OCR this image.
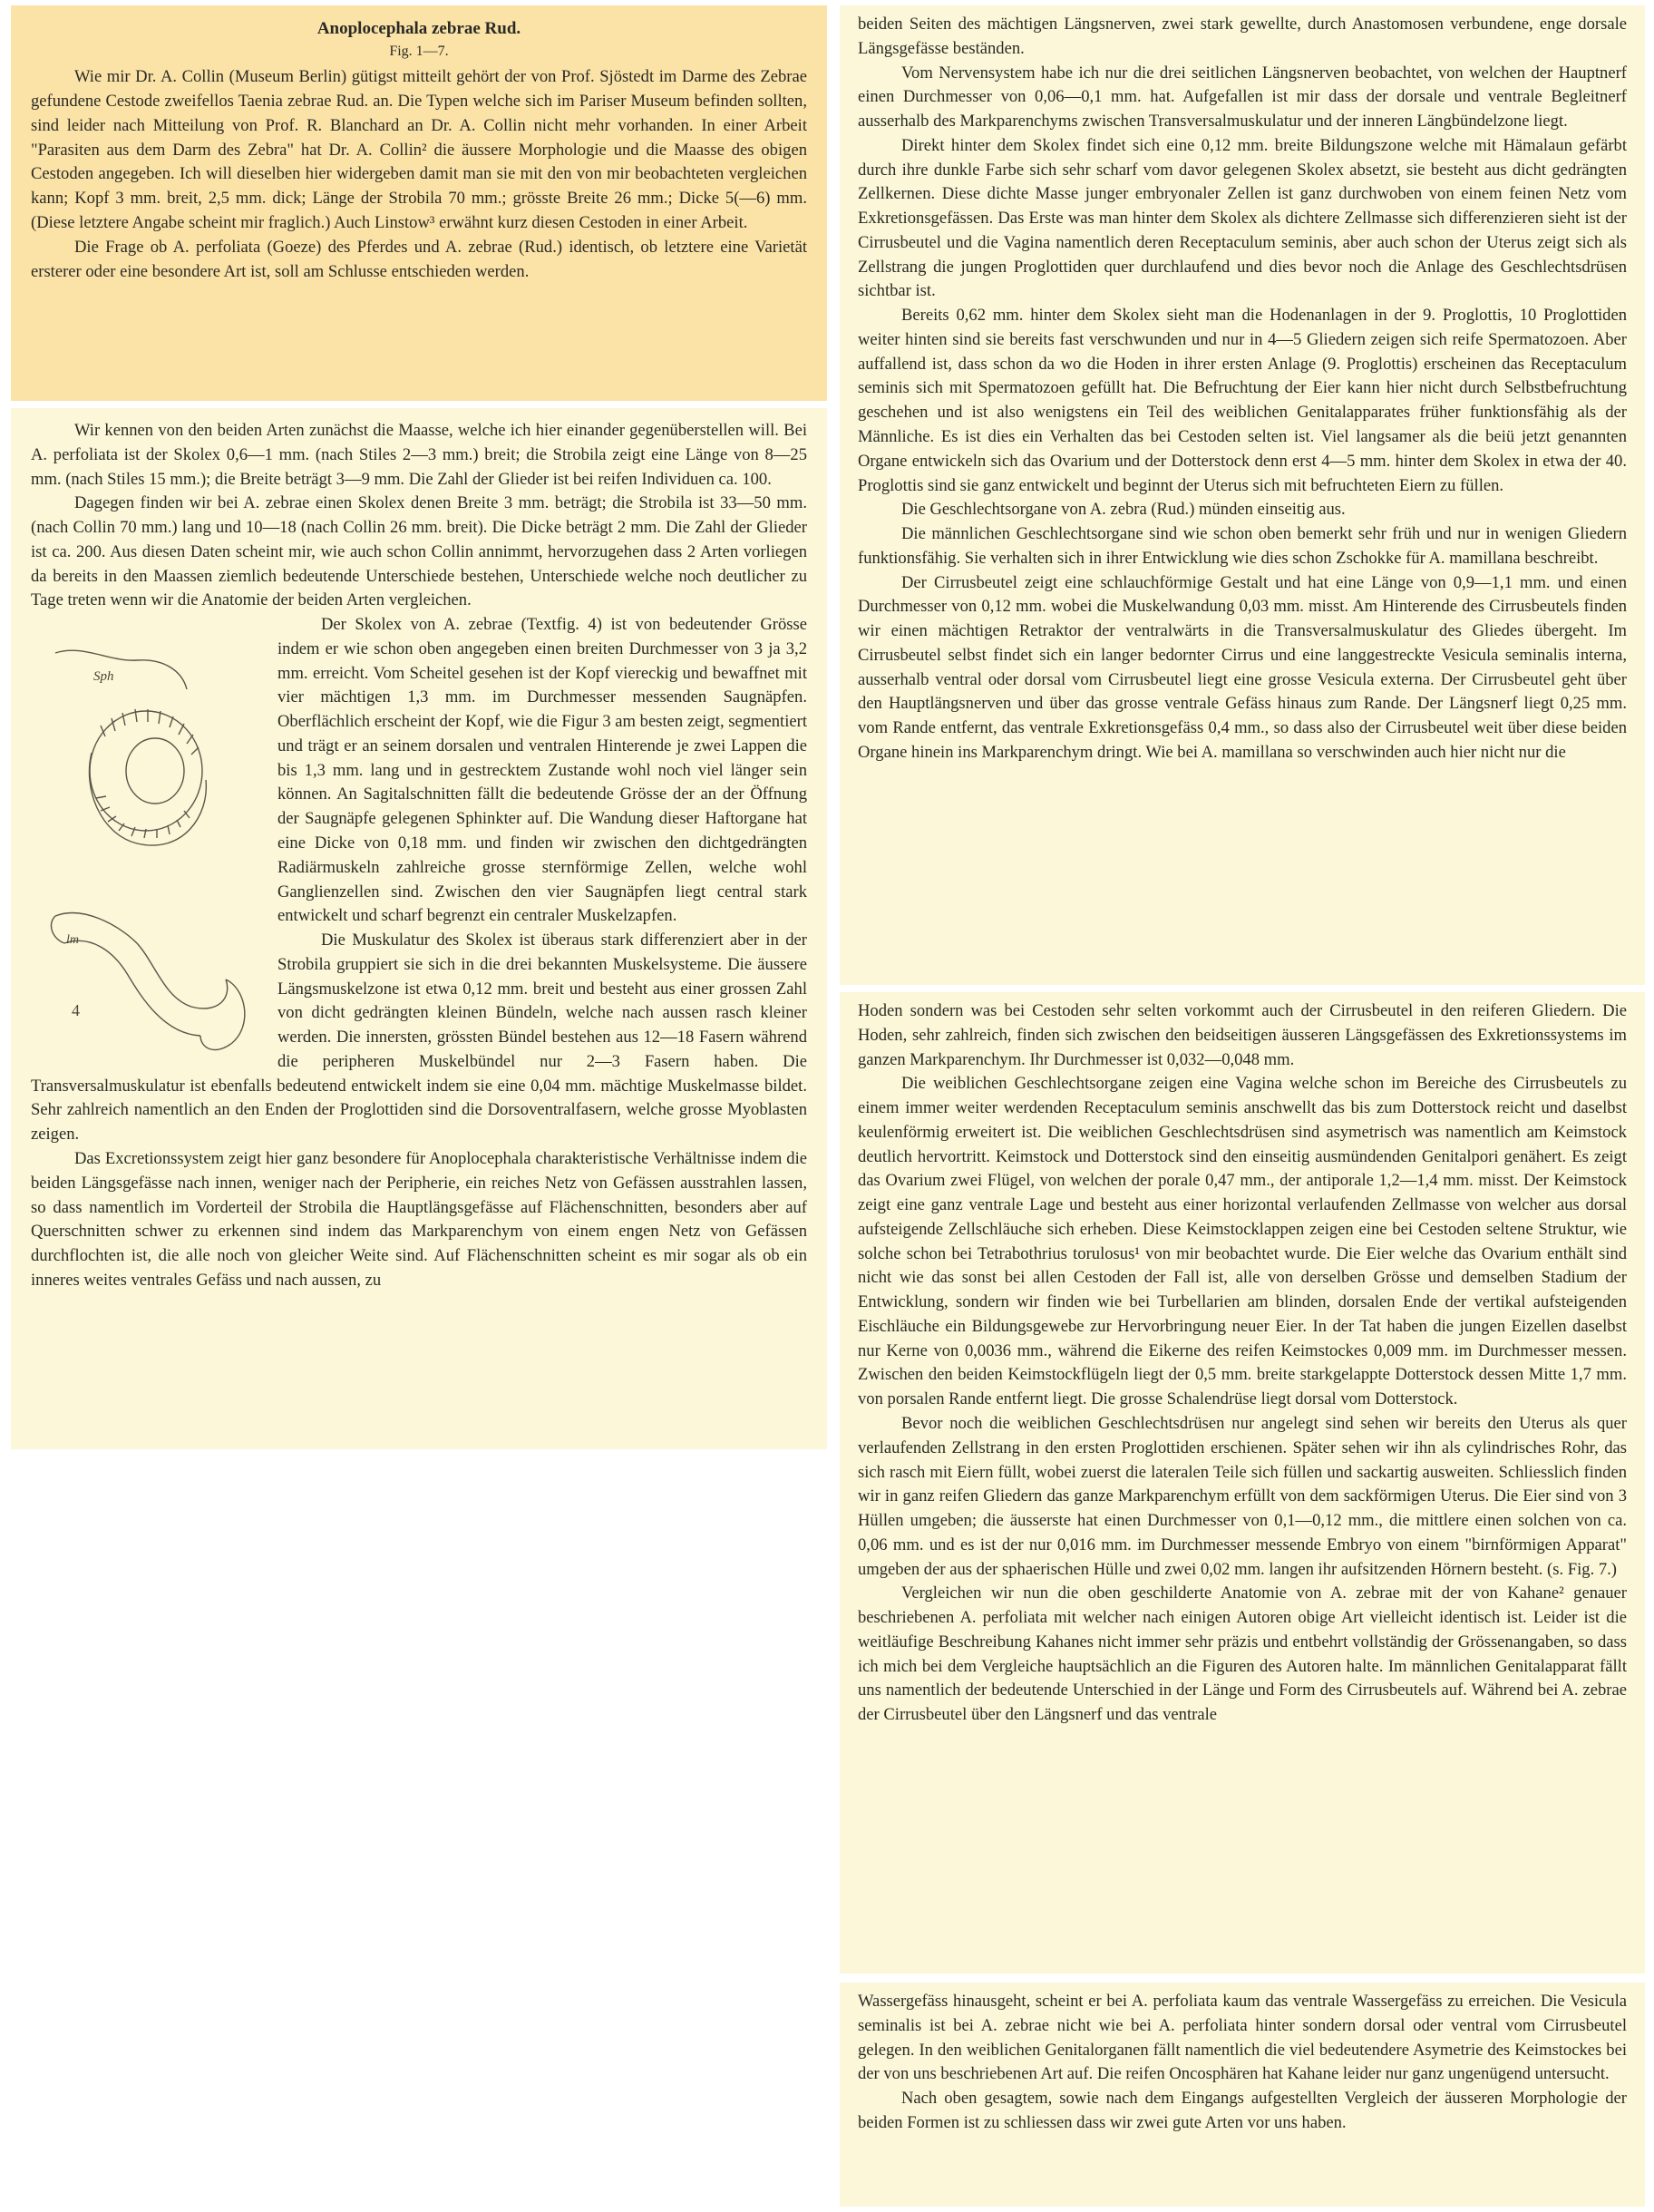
Anoplocephala zebrae Rud.

Fig. 1—7.

Wie mir Dr. A. Collin (Museum Berlin) gütigst mitteilt gehört der von Prof. Sjöstedt im Darme des Zebrae gefundene Cestode zweifellos Taenia zebrae Rud. an. Die Typen welche sich im Pariser Museum befinden sollten, sind leider nach Mitteilung von Prof. R. Blanchard an Dr. A. Collin nicht mehr vorhanden. In einer Arbeit "Parasiten aus dem Darm des Zebra" hat Dr. A. Collin² die äussere Morphologie und die Maasse des obigen Cestoden angegeben. Ich will dieselben hier widergeben damit man sie mit den von mir beobachteten vergleichen kann; Kopf 3 mm. breit, 2,5 mm. dick; Länge der Strobila 70 mm.; grösste Breite 26 mm.; Dicke 5(—6) mm. (Diese letztere Angabe scheint mir fraglich.) Auch Linstow³ erwähnt kurz diesen Cestoden in einer Arbeit.

Die Frage ob A. perfoliata (Goeze) des Pferdes und A. zebrae (Rud.) identisch, ob letztere eine Varietät ersterer oder eine besondere Art ist, soll am Schlusse entschieden werden.

Wir kennen von den beiden Arten zunächst die Maasse, welche ich hier einander gegenüberstellen will. Bei A. perfoliata ist der Skolex 0,6—1 mm. (nach Stiles 2—3 mm.) breit; die Strobila zeigt eine Länge von 8—25 mm. (nach Stiles 15 mm.); die Breite beträgt 3—9 mm. Die Zahl der Glieder ist bei reifen Individuen ca. 100.

Dagegen finden wir bei A. zebrae einen Skolex denen Breite 3 mm. beträgt; die Strobila ist 33—50 mm. (nach Collin 70 mm.) lang und 10—18 (nach Collin 26 mm. breit). Die Dicke beträgt 2 mm. Die Zahl der Glieder ist ca. 200. Aus diesen Daten scheint mir, wie auch schon Collin annimmt, hervorzugehen dass 2 Arten vorliegen da bereits in den Maassen ziemlich bedeutende Unterschiede bestehen, Unterschiede welche noch deutlicher zu Tage treten wenn wir die Anatomie der beiden Arten vergleichen.

Sph
lm
4

Der Skolex von A. zebrae (Textfig. 4) ist von bedeutender Grösse indem er wie schon oben angegeben einen breiten Durchmesser von 3 ja 3,2 mm. erreicht. Vom Scheitel gesehen ist der Kopf viereckig und bewaffnet mit vier mächtigen 1,3 mm. im Durchmesser messenden Saugnäpfen. Oberflächlich erscheint der Kopf, wie die Figur 3 am besten zeigt, segmentiert und trägt er an seinem dorsalen und ventralen Hinterende je zwei Lappen die bis 1,3 mm. lang und in gestrecktem Zustande wohl noch viel länger sein können. An Sagitalschnitten fällt die bedeutende Grösse der an der Öffnung der Saugnäpfe gelegenen Sphinkter auf. Die Wandung dieser Haftorgane hat eine Dicke von 0,18 mm. und finden wir zwischen den dichtgedrängten Radiärmuskeln zahlreiche grosse sternförmige Zellen, welche wohl Ganglienzellen sind. Zwischen den vier Saugnäpfen liegt central stark entwickelt und scharf begrenzt ein centraler Muskelzapfen.

Die Muskulatur des Skolex ist überaus stark differenziert aber in der Strobila gruppiert sie sich in die drei bekannten Muskelsysteme. Die äussere Längsmuskelzone ist etwa 0,12 mm. breit und besteht aus einer grossen Zahl von dicht gedrängten kleinen Bündeln, welche nach aussen rasch kleiner werden. Die innersten, grössten Bündel bestehen aus 12—18 Fasern während die peripheren Muskelbündel nur 2—3 Fasern haben. Die Transversalmuskulatur ist ebenfalls bedeutend entwickelt indem sie eine 0,04 mm. mächtige Muskelmasse bildet. Sehr zahlreich namentlich an den Enden der Proglottiden sind die Dorsoventralfasern, welche grosse Myoblasten zeigen.

Das Excretionssystem zeigt hier ganz besondere für Anoplocephala charakteristische Verhältnisse indem die beiden Längsgefässe nach innen, weniger nach der Peripherie, ein reiches Netz von Gefässen ausstrahlen lassen, so dass namentlich im Vorderteil der Strobila die Hauptlängsgefässe auf Flächenschnitten, besonders aber auf Querschnitten schwer zu erkennen sind indem das Markparenchym von einem engen Netz von Gefässen durchflochten ist, die alle noch von gleicher Weite sind. Auf Flächenschnitten scheint es mir sogar als ob ein inneres weites ventrales Gefäss und nach aussen, zu

beiden Seiten des mächtigen Längsnerven, zwei stark gewellte, durch Anastomosen verbundene, enge dorsale Längsgefässe beständen.

Vom Nervensystem habe ich nur die drei seitlichen Längsnerven beobachtet, von welchen der Hauptnerf einen Durchmesser von 0,06—0,1 mm. hat. Aufgefallen ist mir dass der dorsale und ventrale Begleitnerf ausserhalb des Markparenchyms zwischen Transversalmuskulatur und der inneren Längbündelzone liegt.

Direkt hinter dem Skolex findet sich eine 0,12 mm. breite Bildungszone welche mit Hämalaun gefärbt durch ihre dunkle Farbe sich sehr scharf vom davor gelegenen Skolex absetzt, sie besteht aus dicht gedrängten Zellkernen. Diese dichte Masse junger embryonaler Zellen ist ganz durchwoben von einem feinen Netz vom Exkretionsgefässen. Das Erste was man hinter dem Skolex als dichtere Zellmasse sich differenzieren sieht ist der Cirrusbeutel und die Vagina namentlich deren Receptaculum seminis, aber auch schon der Uterus zeigt sich als Zellstrang die jungen Proglottiden quer durchlaufend und dies bevor noch die Anlage des Geschlechtsdrüsen sichtbar ist.

Bereits 0,62 mm. hinter dem Skolex sieht man die Hodenanlagen in der 9. Proglottis, 10 Proglottiden weiter hinten sind sie bereits fast verschwunden und nur in 4—5 Gliedern zeigen sich reife Spermatozoen. Aber auffallend ist, dass schon da wo die Hoden in ihrer ersten Anlage (9. Proglottis) erscheinen das Receptaculum seminis sich mit Spermatozoen gefüllt hat. Die Befruchtung der Eier kann hier nicht durch Selbstbefruchtung geschehen und ist also wenigstens ein Teil des weiblichen Genitalapparates früher funktionsfähig als der Männliche. Es ist dies ein Verhalten das bei Cestoden selten ist. Viel langsamer als die beiü jetzt genannten Organe entwickeln sich das Ovarium und der Dotterstock denn erst 4—5 mm. hinter dem Skolex in etwa der 40. Proglottis sind sie ganz entwickelt und beginnt der Uterus sich mit befruchteten Eiern zu füllen.

Die Geschlechtsorgane von A. zebra (Rud.) münden einseitig aus.

Die männlichen Geschlechtsorgane sind wie schon oben bemerkt sehr früh und nur in wenigen Gliedern funktionsfähig. Sie verhalten sich in ihrer Entwicklung wie dies schon Zschokke für A. mamillana beschreibt.

Der Cirrusbeutel zeigt eine schlauchförmige Gestalt und hat eine Länge von 0,9—1,1 mm. und einen Durchmesser von 0,12 mm. wobei die Muskelwandung 0,03 mm. misst. Am Hinterende des Cirrusbeutels finden wir einen mächtigen Retraktor der ventralwärts in die Transversalmuskulatur des Gliedes übergeht. Im Cirrusbeutel selbst findet sich ein langer bedornter Cirrus und eine langgestreckte Vesicula seminalis interna, ausserhalb ventral oder dorsal vom Cirrusbeutel liegt eine grosse Vesicula externa. Der Cirrusbeutel geht über den Hauptlängsnerven und über das grosse ventrale Gefäss hinaus zum Rande. Der Längsnerf liegt 0,25 mm. vom Rande entfernt, das ventrale Exkretionsgefäss 0,4 mm., so dass also der Cirrusbeutel weit über diese beiden Organe hinein ins Markparenchym dringt. Wie bei A. mamillana so verschwinden auch hier nicht nur die

Hoden sondern was bei Cestoden sehr selten vorkommt auch der Cirrusbeutel in den reiferen Gliedern. Die Hoden, sehr zahlreich, finden sich zwischen den beidseitigen äusseren Längsgefässen des Exkretionssystems im ganzen Markparenchym. Ihr Durchmesser ist 0,032—0,048 mm.

Die weiblichen Geschlechtsorgane zeigen eine Vagina welche schon im Bereiche des Cirrusbeutels zu einem immer weiter werdenden Receptaculum seminis anschwellt das bis zum Dotterstock reicht und daselbst keulenförmig erweitert ist. Die weiblichen Geschlechtsdrüsen sind asymetrisch was namentlich am Keimstock deutlich hervortritt. Keimstock und Dotterstock sind den einseitig ausmündenden Genitalpori genähert. Es zeigt das Ovarium zwei Flügel, von welchen der porale 0,47 mm., der antiporale 1,2—1,4 mm. misst. Der Keimstock zeigt eine ganz ventrale Lage und besteht aus einer horizontal verlaufenden Zellmasse von welcher aus dorsal aufsteigende Zellschläuche sich erheben. Diese Keimstocklappen zeigen eine bei Cestoden seltene Struktur, wie solche schon bei Tetrabothrius torulosus¹ von mir beobachtet wurde. Die Eier welche das Ovarium enthält sind nicht wie das sonst bei allen Cestoden der Fall ist, alle von derselben Grösse und demselben Stadium der Entwicklung, sondern wir finden wie bei Turbellarien am blinden, dorsalen Ende der vertikal aufsteigenden Eischläuche ein Bildungsgewebe zur Hervorbringung neuer Eier. In der Tat haben die jungen Eizellen daselbst nur Kerne von 0,0036 mm., während die Eikerne des reifen Keimstockes 0,009 mm. im Durchmesser messen. Zwischen den beiden Keimstockflügeln liegt der 0,5 mm. breite starkgelappte Dotterstock dessen Mitte 1,7 mm. von porsalen Rande entfernt liegt. Die grosse Schalendrüse liegt dorsal vom Dotterstock.

Bevor noch die weiblichen Geschlechtsdrüsen nur angelegt sind sehen wir bereits den Uterus als quer verlaufenden Zellstrang in den ersten Proglottiden erschienen. Später sehen wir ihn als cylindrisches Rohr, das sich rasch mit Eiern füllt, wobei zuerst die lateralen Teile sich füllen und sackartig ausweiten. Schliesslich finden wir in ganz reifen Gliedern das ganze Markparenchym erfüllt von dem sackförmigen Uterus. Die Eier sind von 3 Hüllen umgeben; die äusserste hat einen Durchmesser von 0,1—0,12 mm., die mittlere einen solchen von ca. 0,06 mm. und es ist der nur 0,016 mm. im Durchmesser messende Embryo von einem "birnförmigen Apparat" umgeben der aus der sphaerischen Hülle und zwei 0,02 mm. langen ihr aufsitzenden Hörnern besteht. (s. Fig. 7.)

Vergleichen wir nun die oben geschilderte Anatomie von A. zebrae mit der von Kahane² genauer beschriebenen A. perfoliata mit welcher nach einigen Autoren obige Art vielleicht identisch ist. Leider ist die weitläufige Beschreibung Kahanes nicht immer sehr präzis und entbehrt vollständig der Grössenangaben, so dass ich mich bei dem Vergleiche hauptsächlich an die Figuren des Autoren halte. Im männlichen Genitalapparat fällt uns namentlich der bedeutende Unterschied in der Länge und Form des Cirrusbeutels auf. Während bei A. zebrae der Cirrusbeutel über den Längsnerf und das ventrale

Wassergefäss hinausgeht, scheint er bei A. perfoliata kaum das ventrale Wassergefäss zu erreichen. Die Vesicula seminalis ist bei A. zebrae nicht wie bei A. perfoliata hinter sondern dorsal oder ventral vom Cirrusbeutel gelegen. In den weiblichen Genitalorganen fällt namentlich die viel bedeutendere Asymetrie des Keimstockes bei der von uns beschriebenen Art auf. Die reifen Oncosphären hat Kahane leider nur ganz ungenügend untersucht.

Nach oben gesagtem, sowie nach dem Eingangs aufgestellten Vergleich der äusseren Morphologie der beiden Formen ist zu schliessen dass wir zwei gute Arten vor uns haben.
